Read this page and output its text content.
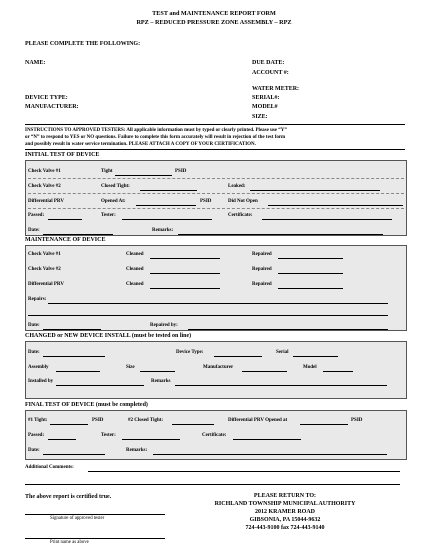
TEST and MAINTENANCE REPORT FORM
RPZ – REDUCED PRESSURE ZONE ASSEMBLY – RPZ
PLEASE COMPLETE THE FOLLOWING:
NAME:	DUE DATE:
ACCOUNT #:
WATER METER:
DEVICE TYPE:	SERIAL#:
MANUFACTURER:	MODEL#
SIZE:
INSTRUCTIONS TO APPROVED TESTERS: All applicable information must by typed or clearly printed. Please use “Y”
or “N” to respond to YES or NO questions. Failure to complete this form accurately will result in rejection of the test form
and possibly result in water service termination. PLEASE ATTACH A COPY OF YOUR CERTIFICATION.
INITIAL TEST OF DEVICE
Check Valve #1	Tight	PSID
Check Valve #2	Closed Tight:	Leaked:
Differential PRV	Opened At:	PSID	Did Not Open
Passed:	Tester:	Certificate:
Date:	Remarks:
MAINTENANCE OF DEVICE
Check Valve #1	Cleaned	Repaired
Check Valve #2	Cleaned	Repaired
Differential PRV	Cleaned	Repaired
Repairs:
Date:	Repaired by:
CHANGED or NEW DEVICE INSTALL (must be tested on line)
Date:	Device Type:	Serial
Assembly	Size	Manufacturer	Model
Installed by	Remarks
FINAL TEST OF DEVICE (must be completed)
#1 Tight:	PSID	#2 Closed Tight:	Differential PRV Opened at	PSID
Passed:	Tester:	Certificate:
Date:	Remarks:
Additional Comments:
The above report is certified true.	PLEASE RETURN TO:
RICHLAND TOWNSHIP MUNICIPAL AUTHORITY
2012 KRAMER ROAD
GIBSONIA, PA 15044-9632
724-443-9100 fax 724-443-9140
Signature of approved tester
Print name as above
